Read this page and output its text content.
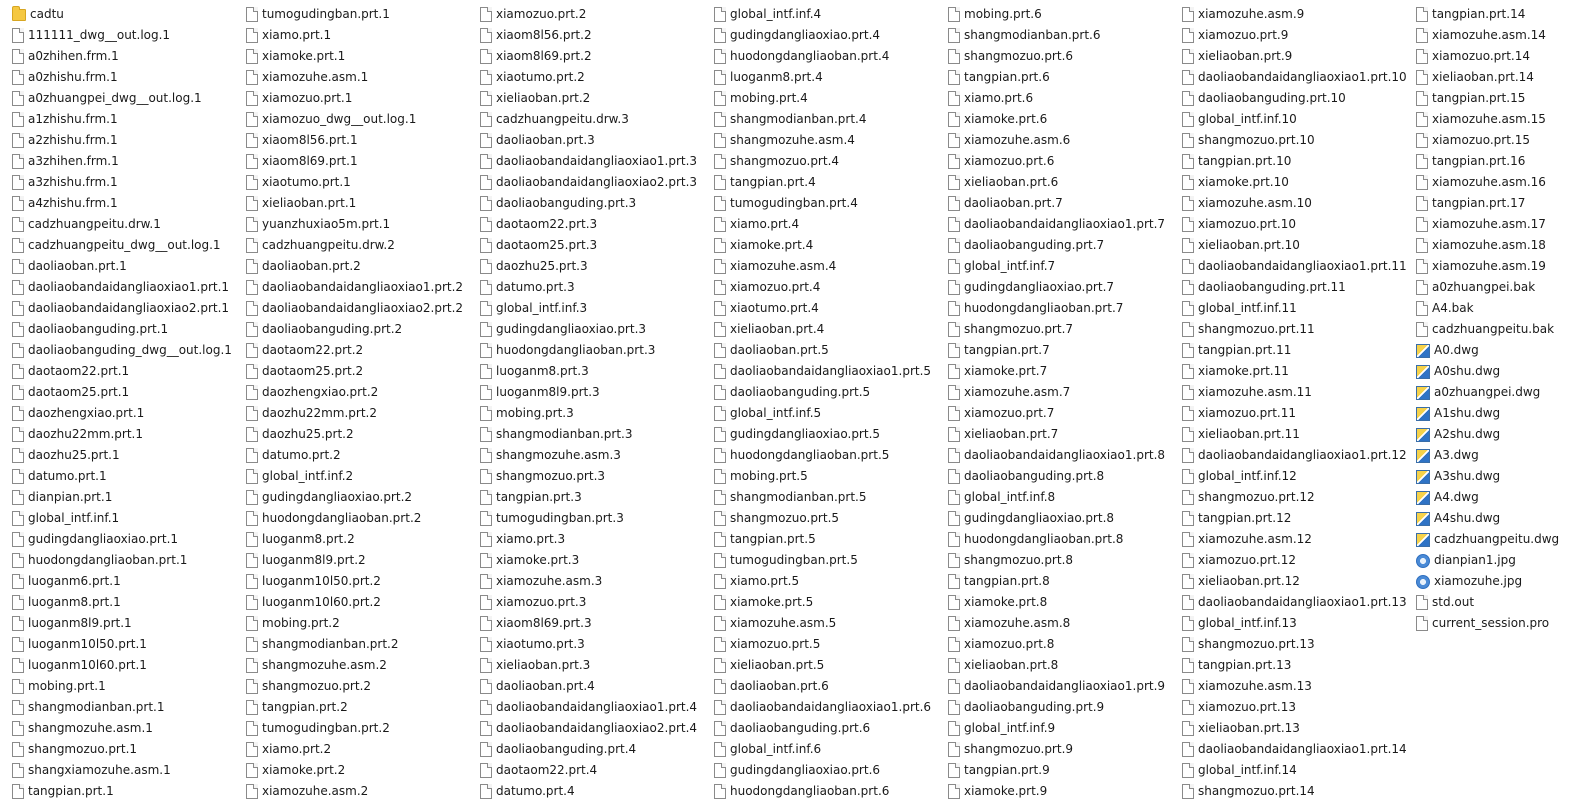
cadtu
111111_dwg__out.log.1
a0zhihen.frm.1
a0zhishu.frm.1
a0zhuangpei_dwg__out.log.1
a1zhishu.frm.1
a2zhishu.frm.1
a3zhihen.frm.1
a3zhishu.frm.1
a4zhishu.frm.1
cadzhuangpeitu.drw.1
cadzhuangpeitu_dwg__out.log.1
daoliaoban.prt.1
daoliaobandaidangliaoxiao1.prt.1
daoliaobandaidangliaoxiao2.prt.1
daoliaobanguding.prt.1
daoliaobanguding_dwg__out.log.1
daotaom22.prt.1
daotaom25.prt.1
daozhengxiao.prt.1
daozhu22mm.prt.1
daozhu25.prt.1
datumo.prt.1
dianpian.prt.1
global_intf.inf.1
gudingdangliaoxiao.prt.1
huodongdangliaoban.prt.1
luoganm6.prt.1
luoganm8.prt.1
luoganm8l9.prt.1
luoganm10l50.prt.1
luoganm10l60.prt.1
mobing.prt.1
shangmodianban.prt.1
shangmozuhe.asm.1
shangmozuo.prt.1
shangxiamozuhe.asm.1
tangpian.prt.1
tumogudingban.prt.1
xiamo.prt.1
xiamoke.prt.1
xiamozuhe.asm.1
xiamozuo.prt.1
xiamozuo_dwg__out.log.1
xiaom8l56.prt.1
xiaom8l69.prt.1
xiaotumo.prt.1
xieliaoban.prt.1
yuanzhuxiao5m.prt.1
cadzhuangpeitu.drw.2
daoliaoban.prt.2
daoliaobandaidangliaoxiao1.prt.2
daoliaobandaidangliaoxiao2.prt.2
daoliaobanguding.prt.2
daotaom22.prt.2
daotaom25.prt.2
daozhengxiao.prt.2
daozhu22mm.prt.2
daozhu25.prt.2
datumo.prt.2
global_intf.inf.2
gudingdangliaoxiao.prt.2
huodongdangliaoban.prt.2
luoganm8.prt.2
luoganm8l9.prt.2
luoganm10l50.prt.2
luoganm10l60.prt.2
mobing.prt.2
shangmodianban.prt.2
shangmozuhe.asm.2
shangmozuo.prt.2
tangpian.prt.2
tumogudingban.prt.2
xiamo.prt.2
xiamoke.prt.2
xiamozuhe.asm.2
xiamozuo.prt.2
xiaom8l56.prt.2
xiaom8l69.prt.2
xiaotumo.prt.2
xieliaoban.prt.2
cadzhuangpeitu.drw.3
daoliaoban.prt.3
daoliaobandaidangliaoxiao1.prt.3
daoliaobandaidangliaoxiao2.prt.3
daoliaobanguding.prt.3
daotaom22.prt.3
daotaom25.prt.3
daozhu25.prt.3
datumo.prt.3
global_intf.inf.3
gudingdangliaoxiao.prt.3
huodongdangliaoban.prt.3
luoganm8.prt.3
luoganm8l9.prt.3
mobing.prt.3
shangmodianban.prt.3
shangmozuhe.asm.3
shangmozuo.prt.3
tangpian.prt.3
tumogudingban.prt.3
xiamo.prt.3
xiamoke.prt.3
xiamozuhe.asm.3
xiamozuo.prt.3
xiaom8l69.prt.3
xiaotumo.prt.3
xieliaoban.prt.3
daoliaoban.prt.4
daoliaobandaidangliaoxiao1.prt.4
daoliaobandaidangliaoxiao2.prt.4
daoliaobanguding.prt.4
daotaom22.prt.4
datumo.prt.4
global_intf.inf.4
gudingdangliaoxiao.prt.4
huodongdangliaoban.prt.4
luoganm8.prt.4
mobing.prt.4
shangmodianban.prt.4
shangmozuhe.asm.4
shangmozuo.prt.4
tangpian.prt.4
tumogudingban.prt.4
xiamo.prt.4
xiamoke.prt.4
xiamozuhe.asm.4
xiamozuo.prt.4
xiaotumo.prt.4
xieliaoban.prt.4
daoliaoban.prt.5
daoliaobandaidangliaoxiao1.prt.5
daoliaobanguding.prt.5
global_intf.inf.5
gudingdangliaoxiao.prt.5
huodongdangliaoban.prt.5
mobing.prt.5
shangmodianban.prt.5
shangmozuo.prt.5
tangpian.prt.5
tumogudingban.prt.5
xiamo.prt.5
xiamoke.prt.5
xiamozuhe.asm.5
xiamozuo.prt.5
xieliaoban.prt.5
daoliaoban.prt.6
daoliaobandaidangliaoxiao1.prt.6
daoliaobanguding.prt.6
global_intf.inf.6
gudingdangliaoxiao.prt.6
huodongdangliaoban.prt.6
mobing.prt.6
shangmodianban.prt.6
shangmozuo.prt.6
tangpian.prt.6
xiamo.prt.6
xiamoke.prt.6
xiamozuhe.asm.6
xiamozuo.prt.6
xieliaoban.prt.6
daoliaoban.prt.7
daoliaobandaidangliaoxiao1.prt.7
daoliaobanguding.prt.7
global_intf.inf.7
gudingdangliaoxiao.prt.7
huodongdangliaoban.prt.7
shangmozuo.prt.7
tangpian.prt.7
xiamoke.prt.7
xiamozuhe.asm.7
xiamozuo.prt.7
xieliaoban.prt.7
daoliaobandaidangliaoxiao1.prt.8
daoliaobanguding.prt.8
global_intf.inf.8
gudingdangliaoxiao.prt.8
huodongdangliaoban.prt.8
shangmozuo.prt.8
tangpian.prt.8
xiamoke.prt.8
xiamozuhe.asm.8
xiamozuo.prt.8
xieliaoban.prt.8
daoliaobandaidangliaoxiao1.prt.9
daoliaobanguding.prt.9
global_intf.inf.9
shangmozuo.prt.9
tangpian.prt.9
xiamoke.prt.9
xiamozuhe.asm.9
xiamozuo.prt.9
xieliaoban.prt.9
daoliaobandaidangliaoxiao1.prt.10
daoliaobanguding.prt.10
global_intf.inf.10
shangmozuo.prt.10
tangpian.prt.10
xiamoke.prt.10
xiamozuhe.asm.10
xiamozuo.prt.10
xieliaoban.prt.10
daoliaobandaidangliaoxiao1.prt.11
daoliaobanguding.prt.11
global_intf.inf.11
shangmozuo.prt.11
tangpian.prt.11
xiamoke.prt.11
xiamozuhe.asm.11
xiamozuo.prt.11
xieliaoban.prt.11
daoliaobandaidangliaoxiao1.prt.12
global_intf.inf.12
shangmozuo.prt.12
tangpian.prt.12
xiamozuhe.asm.12
xiamozuo.prt.12
xieliaoban.prt.12
daoliaobandaidangliaoxiao1.prt.13
global_intf.inf.13
shangmozuo.prt.13
tangpian.prt.13
xiamozuhe.asm.13
xiamozuo.prt.13
xieliaoban.prt.13
daoliaobandaidangliaoxiao1.prt.14
global_intf.inf.14
shangmozuo.prt.14
tangpian.prt.14
xiamozuhe.asm.14
xiamozuo.prt.14
xieliaoban.prt.14
tangpian.prt.15
xiamozuhe.asm.15
xiamozuo.prt.15
tangpian.prt.16
xiamozuhe.asm.16
tangpian.prt.17
xiamozuhe.asm.17
xiamozuhe.asm.18
xiamozuhe.asm.19
a0zhuangpei.bak
A4.bak
cadzhuangpeitu.bak
A0.dwg
A0shu.dwg
a0zhuangpei.dwg
A1shu.dwg
A2shu.dwg
A3.dwg
A3shu.dwg
A4.dwg
A4shu.dwg
cadzhuangpeitu.dwg
dianpian1.jpg
xiamozuhe.jpg
std.out
current_session.pro
